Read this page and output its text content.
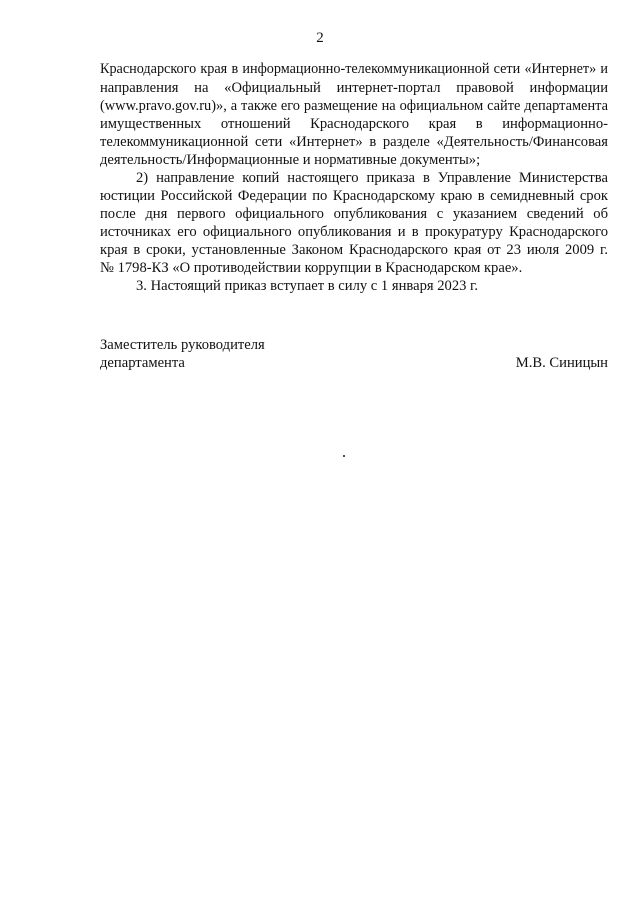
2
Краснодарского края в информационно-телекоммуникационной сети «Интернет» и
направления на «Официальный интернет-портал правовой информации
(www.pravo.gov.ru)», а также его размещение на официальном сайте департамента
имущественных отношений Краснодарского края в информационно-
телекоммуникационной сети «Интернет» в разделе «Деятельность/Финансовая
деятельность/Информационные и нормативные документы»;
2) направление копий настоящего приказа в Управление Министерства
юстиции Российской Федерации по Краснодарскому краю в семидневный срок
после дня первого официального опубликования с указанием сведений об
источниках его официального опубликования и в прокуратуру Краснодарского
края в сроки, установленные Законом Краснодарского края от 23 июля 2009 г.
№ 1798-КЗ «О противодействии коррупции в Краснодарском крае».
3. Настоящий приказ вступает в силу с 1 января 2023 г.
Заместитель руководителя
департамента	М.В. Синицын
